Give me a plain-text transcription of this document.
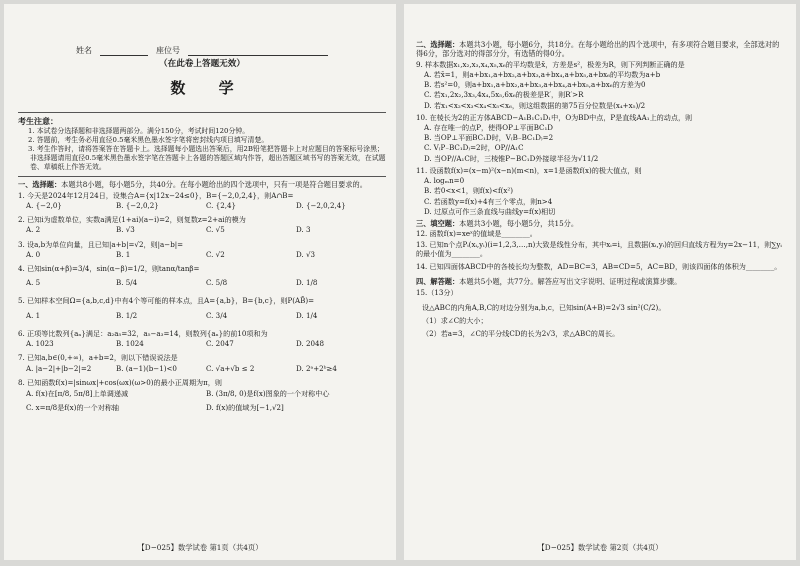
姓名	座位号
（在此卷上答题无效）
数 学
考生注意：
1. 本试卷分选择题和非选择题两部分。满分150分，考试时间120分钟。
2. 答题前，考生务必用直径0.5毫米黑色墨水签字笔将密封线内项目填写清楚。
3. 考生作答时，请将答案答在答题卡上。选择题每小题选出答案后，用2B铅笔把答题卡上对应题目的答案标号涂黑；非选择题请用直径0.5毫米黑色墨水签字笔在答题卡上各题的答题区域内作答，超出答题区域书写的答案无效，在试题卷、草稿纸上作答无效。
一、选择题：本题共8小题，每小题5分，共40分。在每小题给出的四个选项中，只有一项是符合题目要求的。
1. 今天是2024年12月24日，设集合A={x|12x−24≤0}，B={−2,0,2,4}，则A∩B=
A. {−2,0}	B. {−2,0,2}	C. {2,4}	D. {−2,0,2,4}
2. 已知i为虚数单位，实数a满足(1+ai)(a−i)=2，则复数z=2+ai的模为
A. 2	B. √3	C. √5	D. 3
3. 设a,b为单位向量，且已知|a+b|=√2，则|a−b|=
A. 0	B. 1	C. √2	D. √3
4. 已知sin(α+β)=3/4，sin(α−β)=1/2，则tanα/tanβ=
A. 5	B. 5/4	C. 5/8	D. 1/8
5. 已知样本空间Ω={a,b,c,d}中有4个等可能的样本点，且A={a,b}，B={b,c}，则P(AB̄)=
A. 1	B. 1/2	C. 3/4	D. 1/4
6. 正项等比数列{aₙ}满足：a₂a₅=32，a₅−a₃=14，则数列{aₙ}的前10项和为
A. 1023	B. 1024	C. 2047	D. 2048
7. 已知a,b∈(0,+∞)，a+b=2，则以下错误说法是
A. |a−2|+|b−2|=2	B. (a−1)(b−1)<0	C. √a+√b ≤ 2	D. 2ᵃ+2ᵇ≥4
8. 已知函数f(x)=|sinωx|+cos(ωx)(ω>0)的最小正周期为π，则
A. f(x)在[π/8, 5π/8]上单调递减	B. (3π/8, 0)是f(x)图象的一个对称中心
C. x=π/8是f(x)的一个对称轴	D. f(x)的值域为[−1,√2]
【D−025】数学试卷 第1页（共4页）
二、选择题：本题共3小题，每小题6分，共18分。在每小题给出的四个选项中，有多项符合题目要求，全部选对的得6分，部分选对的得部分分，有选错的得0分。
9. 样本数据x₁,x₂,x₃,x₄,x₅,x₆的平均数是x̄，方差是s²，极差为R，则下列判断正确的是
A. 若x̄=1，则a+bx₁,a+bx₂,a+bx₃,a+bx₄,a+bx₅,a+bx₆的平均数为a+b
B. 若s²=0，则a+bx₁,a+bx₂,a+bx₃,a+bx₄,a+bx₅,a+bx₆的方差为0
C. 若x₁,2x₂,3x₃,4x₄,5x₅,6x₆的极差是R′，则R′>R
D. 若x₁<x₂<x₃<x₄<x₅<x₆，则这组数据的第75百分位数是(x₄+x₅)/2
10. 在棱长为2的正方体ABCD−A₁B₁C₁D₁中，O为BD中点，P是直线AA₁上的动点，则
A. 存在唯一的点P，使得OP⊥平面BC₁D
B. 当OP⊥平面BC₁D时，V₍B₋BC₁D₎=2
C. V₍P₋BC₁D₎=2时，OP//A₁C
D. 当OP//A₁C时，三棱锥P−BC₁D外接球半径为√11/2
11. 设函数f(x)=(x−m)²(x−n)(m<n)，x=1是函数f(x)的极大值点，则
A. logₘn=0
B. 若0<x<1，则f(x)<f(x²)
C. 若函数y=f(x)+4有三个零点，则n>4
D. 过原点可作三条直线与曲线y=f(x)相切
三、填空题：本题共3小题，每小题5分，共15分。
12. 函数f(x)=xeˣ的值域是________。
13. 已知n个点Pᵢ(xᵢ,yᵢ)(i=1,2,3,…,n)大致是线性分布，其中xᵢ=i，且数据(xᵢ,yᵢ)的回归直线方程为y=2x−11，则∑yᵢ的最小值为________。
14. 已知四面体ABCD中的各棱长均为整数，AD=BC=3，AB=CD=5，AC=BD，则该四面体的体积为________。
四、解答题：本题共5小题，共77分。解答应写出文字说明、证明过程或演算步骤。
15.（13分）
设△ABC的内角A,B,C的对边分别为a,b,c，已知sin(A+B)=2√3 sin²(C/2)。
（1）求∠C的大小；
（2）若a=3，∠C的平分线CD的长为2√3，求△ABC的周长。
【D−025】数学试卷 第2页（共4页）
